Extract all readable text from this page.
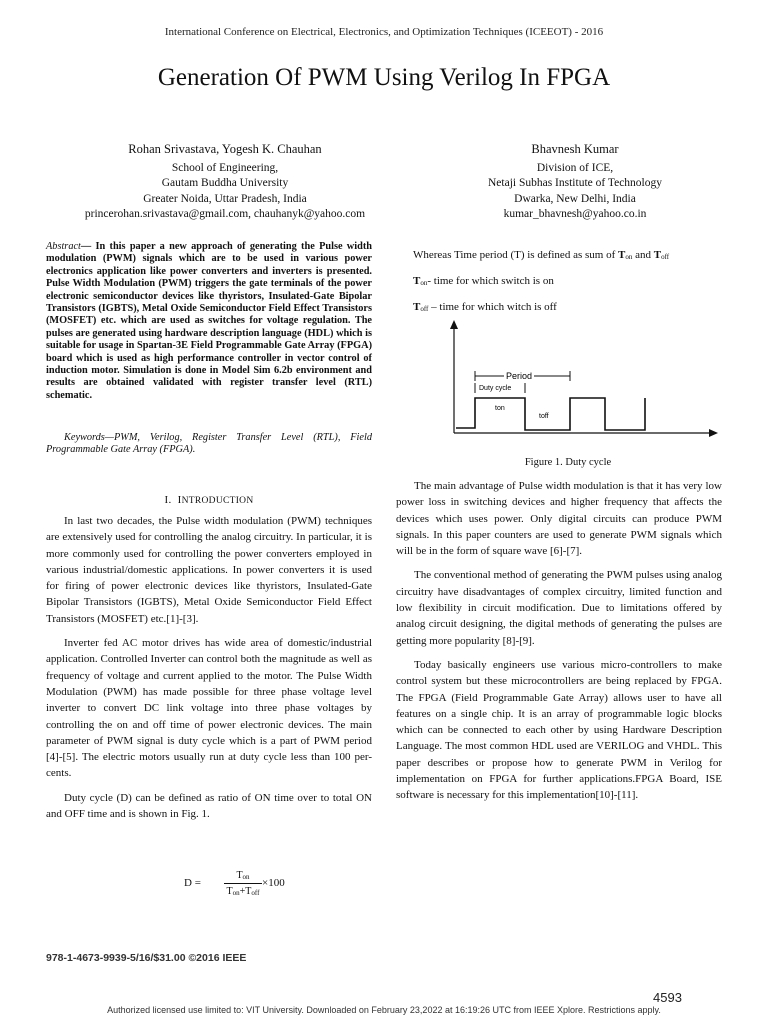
International Conference on Electrical, Electronics, and Optimization Techniques (ICEEOT) - 2016
Generation Of PWM Using Verilog In FPGA
Rohan Srivastava, Yogesh K. Chauhan
School of Engineering,
Gautam Buddha University
Greater Noida, Uttar Pradesh, India
princerohan.srivastava@gmail.com, chauhanyk@yahoo.com
Bhavnesh Kumar
Division of ICE,
Netaji Subhas Institute of Technology
Dwarka, New Delhi, India
kumar_bhavnesh@yahoo.co.in
Abstract— In this paper a new approach of generating the Pulse width modulation (PWM) signals which are to be used in various power electronics application like power converters and inverters is presented. Pulse Width Modulation (PWM) triggers the gate terminals of the power electronic semiconductor devices like thyristors, Insulated-Gate Bipolar Transistors (IGBTS), Metal Oxide Semiconductor Field Effect Transistors (MOSFET) etc. which are used as switches for voltage regulation. The pulses are generated using hardware description language (HDL) which is suitable for usage in Spartan-3E Field Programmable Gate Array (FPGA) board which is used as high performance controller in vector control of induction motor. Simulation is done in Model Sim 6.2b environment and results are obtained validated with register transfer level (RTL) schematic.
Keywords—PWM, Verilog, Register Transfer Level (RTL), Field Programmable Gate Array (FPGA).
I. INTRODUCTION

In last two decades, the Pulse width modulation (PWM) techniques are extensively used for controlling the analog circuitry. In particular, it is more commonly used for controlling the power converters employed in various industrial/domestic applications. In power converters it is used for firing of power electronic devices like thyristors, Insulated-Gate Bipolar Transistors (IGBTS), Metal Oxide Semiconductor Field Effect Transistors (MOSFET) etc.[1]-[3].

Inverter fed AC motor drives has wide area of domestic/industrial application. Controlled Inverter can control both the magnitude as well as frequency of voltage and current applied to the motor. The Pulse Width Modulation (PWM) has made possible for three phase voltage level inverter to convert DC link voltage into three phase voltages by controlling the on and off time of power electronic devices. The main parameter of PWM signal is duty cycle which is a part of PWM period [4]-[5]. The electric motors usually run at duty cycle less than 100 per-cents.

Duty cycle (D) can be defined as ratio of ON time over to total ON and OFF time and is shown in Fig. 1.

D =
$T_{on}$
$T_{on}+T_{off}$
×100
Whereas Time period (T) is defined as sum of $T_{on}$ and $T_{off}$
$T_{on}-$ time for which switch is on
$T_{off}$ – time for which witch is off
Period
Duty cycle
ton
toff
Figure 1. Duty cycle

The main advantage of Pulse width modulation is that it has very low power loss in switching devices and higher frequency that affects the devices which uses power. Only digital circuits can produce PWM signals. In this paper counters are used to generate PWM signals which will be in the form of square wave [6]-[7].

The conventional method of generating the PWM pulses using analog circuitry have disadvantages of complex circuitry, limited function and low flexibility in circuit modification. Due to limitations offered by analog circuit designing, the digital methods of generating the pulses are getting more popularity [8]-[9].

Today basically engineers use various micro-controllers to make control system but these microcontrollers are being replaced by FPGA. The FPGA (Field Programmable Gate Array) allows user to have all features on a single chip. It is an array of programmable logic blocks which can be connected to each other by using Hardware Description Language. The most common HDL used are VERILOG and VHDL. This paper describes or propose how to generate PWM in Verilog for implementation on FPGA for further applications.FPGA Board, ISE software is necessary for this implementation[10]-[11].

978-1-4673-9939-5/16/$31.00 ©2016 IEEE
4593
Authorized licensed use limited to: VIT University. Downloaded on February 23,2022 at 16:19:26 UTC from IEEE Xplore. Restrictions apply.
